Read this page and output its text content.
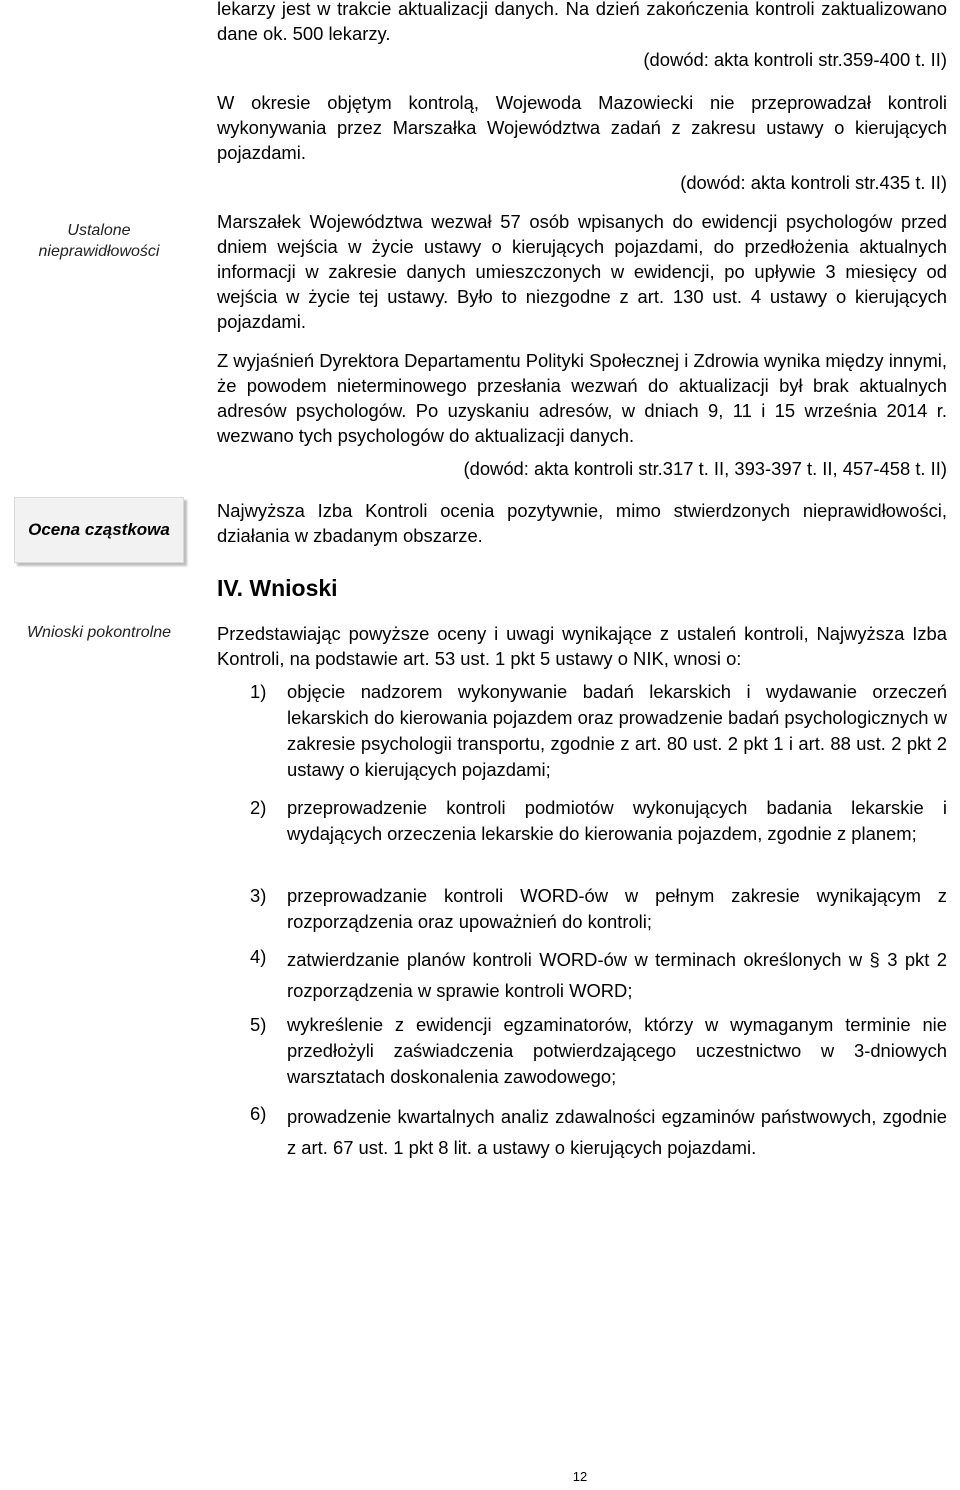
Ustalone nieprawidłowości
Ocena cząstkowa
Wnioski pokontrolne
lekarzy jest w trakcie aktualizacji danych. Na dzień zakończenia kontroli zaktualizowano dane ok. 500 lekarzy.
(dowód: akta kontroli str.359-400 t. II)
W okresie objętym kontrolą, Wojewoda Mazowiecki nie przeprowadzał kontroli wykonywania przez Marszałka Województwa zadań z zakresu ustawy o kierujących pojazdami.
(dowód: akta kontroli str.435 t. II)
Marszałek Województwa wezwał 57 osób wpisanych do ewidencji psychologów przed dniem wejścia w życie ustawy o kierujących pojazdami, do przedłożenia aktualnych informacji w zakresie danych umieszczonych w ewidencji, po upływie 3 miesięcy od wejścia w życie tej ustawy. Było to niezgodne z art. 130 ust. 4 ustawy o kierujących pojazdami.
Z wyjaśnień Dyrektora Departamentu Polityki Społecznej i Zdrowia wynika między innymi, że powodem nieterminowego przesłania wezwań do aktualizacji był brak aktualnych adresów psychologów. Po uzyskaniu adresów, w dniach 9, 11 i 15 września 2014 r. wezwano tych psychologów do aktualizacji danych.
(dowód: akta kontroli str.317 t. II, 393-397 t. II, 457-458 t. II)
Najwyższa Izba Kontroli ocenia pozytywnie, mimo stwierdzonych nieprawidłowości, działania w zbadanym obszarze.
IV. Wnioski
Przedstawiając powyższe oceny i uwagi wynikające z ustaleń kontroli, Najwyższa Izba Kontroli, na podstawie art. 53 ust. 1 pkt 5 ustawy o NIK, wnosi o:
1) objęcie nadzorem wykonywanie badań lekarskich i wydawanie orzeczeń lekarskich do kierowania pojazdem oraz prowadzenie badań psychologicznych w zakresie psychologii transportu, zgodnie z art. 80 ust. 2 pkt 1 i art. 88 ust. 2 pkt 2 ustawy o kierujących pojazdami;
2) przeprowadzenie kontroli podmiotów wykonujących badania lekarskie i wydających orzeczenia lekarskie do kierowania pojazdem, zgodnie z planem;
3) przeprowadzanie kontroli WORD-ów w pełnym zakresie wynikającym z rozporządzenia oraz upoważnień do kontroli;
4) zatwierdzanie planów kontroli WORD-ów w terminach określonych w § 3 pkt 2 rozporządzenia w sprawie kontroli WORD;
5) wykreślenie z ewidencji egzaminatorów, którzy w wymaganym terminie nie przedłożyli zaświadczenia potwierdzającego uczestnictwo w 3-dniowych warsztatach doskonalenia zawodowego;
6) prowadzenie kwartalnych analiz zdawalności egzaminów państwowych, zgodnie z art. 67 ust. 1 pkt 8 lit. a ustawy o kierujących pojazdami.
12
